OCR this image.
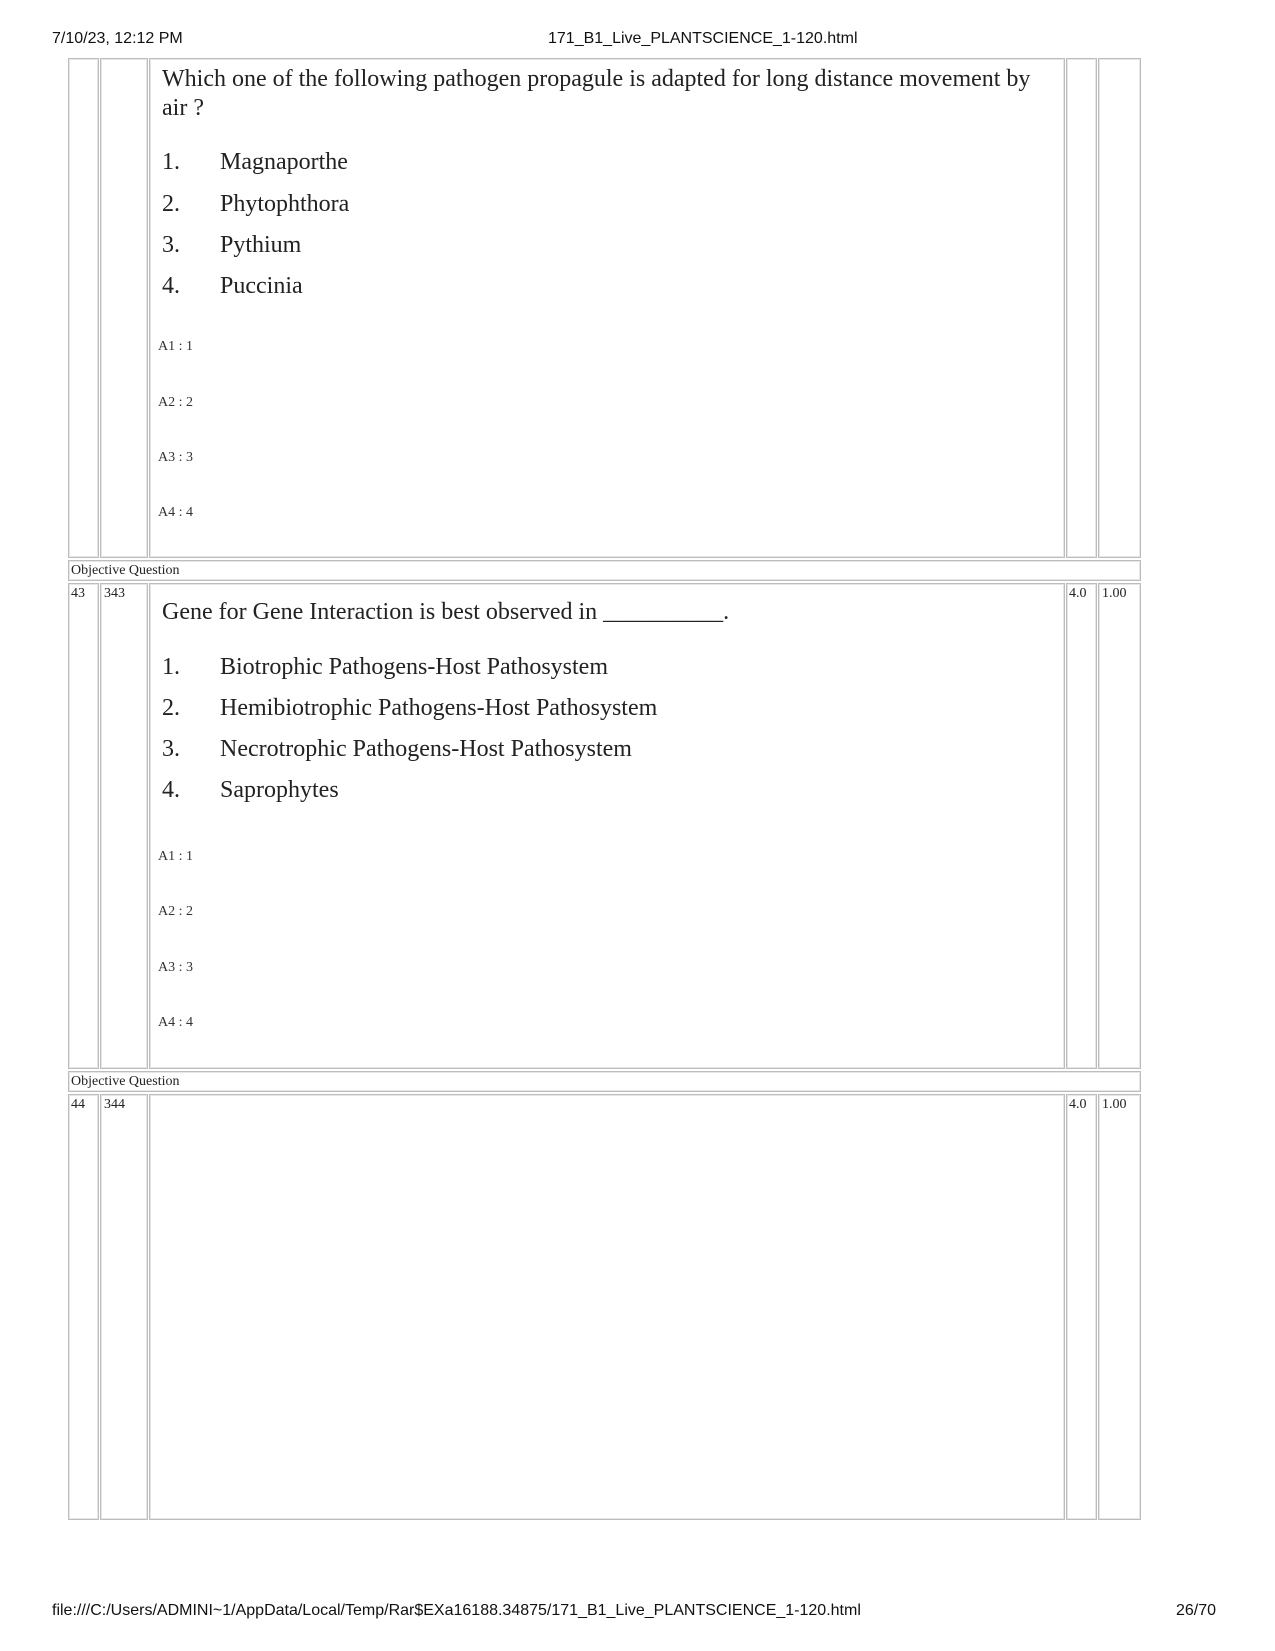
7/10/23, 12:12 PM	171_B1_Live_PLANTSCIENCE_1-120.html
Which one of the following pathogen propagule is adapted for long distance movement by air ?
1. Magnaporthe
2. Phytophthora
3. Pythium
4. Puccinia
A1 : 1
A2 : 2
A3 : 3
A4 : 4
Objective Question
43 343
Gene for Gene Interaction is best observed in __________.
1. Biotrophic Pathogens-Host Pathosystem
2. Hemibiotrophic Pathogens-Host Pathosystem
3. Necrotrophic Pathogens-Host Pathosystem
4. Saprophytes
A1 : 1
A2 : 2
A3 : 3
A4 : 4
4.0 1.00
Objective Question
44 344	4.0 1.00
file:///C:/Users/ADMINI~1/AppData/Local/Temp/Rar$EXa16188.34875/171_B1_Live_PLANTSCIENCE_1-120.html	26/70
